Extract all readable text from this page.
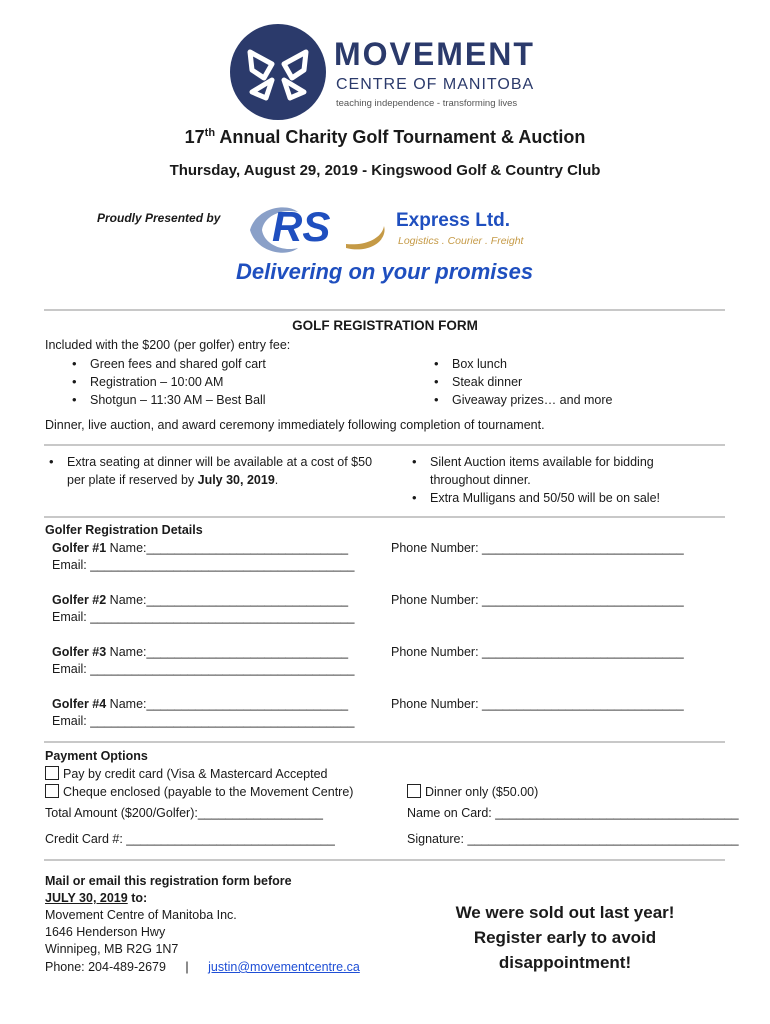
MOVEMENT
CENTRE OF MANITOBA
teaching independence - transforming lives
17th Annual Charity Golf Tournament & Auction
Thursday, August 29, 2019 - Kingswood Golf & Country Club
Proudly Presented by RS	Express Ltd.
Logistics . Courier . Freight
Delivering on your promises
GOLF REGISTRATION FORM
Included with the $200 (per golfer) entry fee:
• Green fees and shared golf cart
• Registration – 10:00 AM
• Shotgun – 11:30 AM – Best Ball
• Box lunch
• Steak dinner
• Giveaway prizes… and more
Dinner, live auction, and award ceremony immediately following completion of tournament.
• Extra seating at dinner will be available at a cost of $50 per plate if reserved by July 30, 2019.
• Silent Auction items available for bidding throughout dinner.
• Extra Mulligans and 50/50 will be on sale!
Golfer Registration Details
Golfer #1 Name:_____________________________
Email: ______________________________________
Phone Number: _____________________________
Golfer #2 Name:_____________________________
Email: ______________________________________
Phone Number: _____________________________
Golfer #3 Name:_____________________________
Email: ______________________________________
Phone Number: _____________________________
Golfer #4 Name:_____________________________
Email: ______________________________________
Phone Number: _____________________________
Payment Options
Pay by credit card (Visa & Mastercard Accepted
Cheque enclosed (payable to the Movement Centre)	Dinner only ($50.00)
Total Amount ($200/Golfer):__________________	Name on Card: ___________________________________
Credit Card #: ______________________________	Signature: _______________________________________
Mail or email this registration form before
JULY 30, 2019 to:
Movement Centre of Manitoba Inc.
1646 Henderson Hwy
Winnipeg, MB R2G 1N7
Phone: 204-489-2679 | justin@movementcentre.ca
We were sold out last year!
Register early to avoid
disappointment!
